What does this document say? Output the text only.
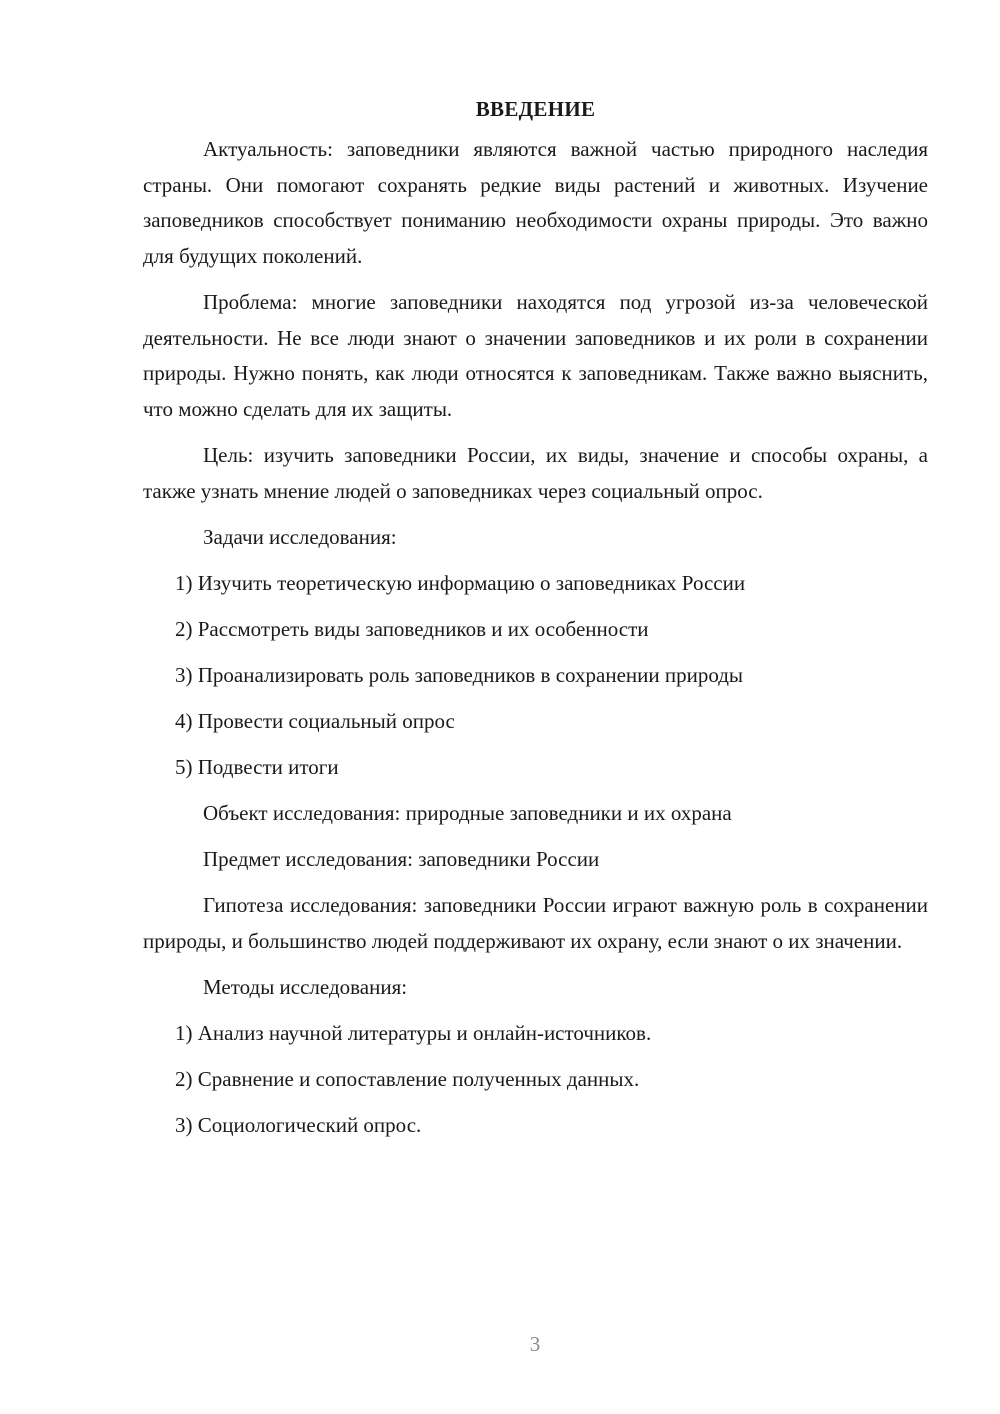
ВВЕДЕНИЕ

Актуальность: заповедники являются важной частью природного наследия страны. Они помогают сохранять редкие виды растений и животных. Изучение заповедников способствует пониманию необходимости охраны природы. Это важно для будущих поколений.

Проблема: многие заповедники находятся под угрозой из-за человеческой деятельности. Не все люди знают о значении заповедников и их роли в сохранении природы. Нужно понять, как люди относятся к заповедникам. Также важно выяснить, что можно сделать для их защиты.

Цель: изучить заповедники России, их виды, значение и способы охраны, а также узнать мнение людей о заповедниках через социальный опрос.

Задачи исследования:
1) Изучить теоретическую информацию о заповедниках России
2) Рассмотреть виды заповедников и их особенности
3) Проанализировать роль заповедников в сохранении природы
4) Провести социальный опрос
5) Подвести итоги
Объект исследования: природные заповедники и их охрана
Предмет исследования: заповедники России

Гипотеза исследования: заповедники России играют важную роль в сохранении природы, и большинство людей поддерживают их охрану, если знают о их значении.

Методы исследования:
1) Анализ научной литературы и онлайн-источников.
2) Сравнение и сопоставление полученных данных.
3) Социологический опрос.
3
